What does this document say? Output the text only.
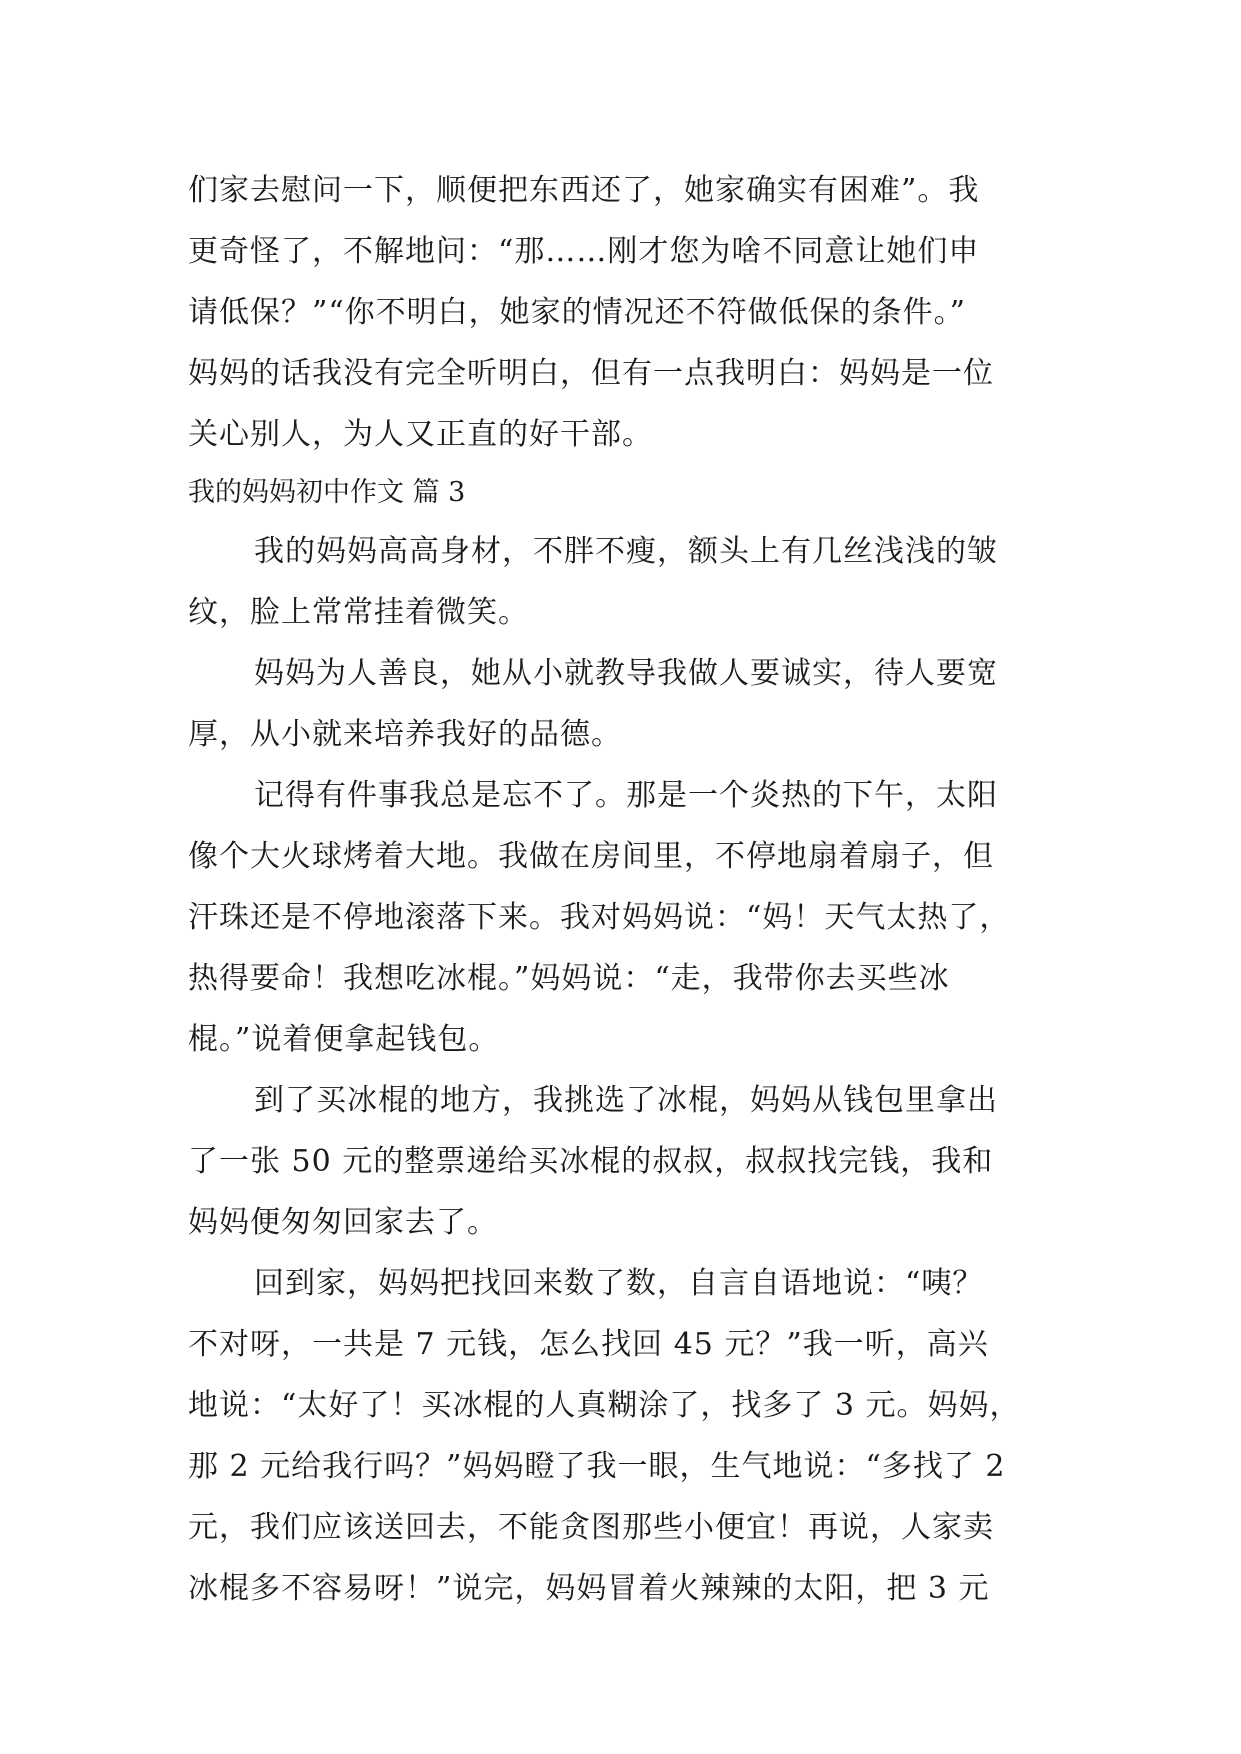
们家去慰问一下，顺便把东西还了，她家确实有困难”。我
更奇怪了，不解地问：“那……刚才您为啥不同意让她们申
请低保？”“你不明白，她家的情况还不符做低保的条件。”
妈妈的话我没有完全听明白，但有一点我明白：妈妈是一位
关心别人，为人又正直的好干部。
我的妈妈初中作文 篇 3
我的妈妈高高身材，不胖不瘦，额头上有几丝浅浅的皱
纹，脸上常常挂着微笑。
妈妈为人善良，她从小就教导我做人要诚实，待人要宽
厚，从小就来培养我好的品德。
记得有件事我总是忘不了。那是一个炎热的下午，太阳
像个大火球烤着大地。我做在房间里，不停地扇着扇子，但
汗珠还是不停地滚落下来。我对妈妈说：“妈！天气太热了，
热得要命！我想吃冰棍。”妈妈说：“走，我带你去买些冰
棍。”说着便拿起钱包。
到了买冰棍的地方，我挑选了冰棍，妈妈从钱包里拿出
了一张 50 元的整票递给买冰棍的叔叔，叔叔找完钱，我和
妈妈便匆匆回家去了。
回到家，妈妈把找回来数了数，自言自语地说：“咦？
不对呀，一共是 7 元钱，怎么找回 45 元？”我一听，高兴
地说：“太好了！买冰棍的人真糊涂了，找多了 3 元。妈妈，
那 2 元给我行吗？”妈妈瞪了我一眼，生气地说：“多找了 2
元，我们应该送回去，不能贪图那些小便宜！再说，人家卖
冰棍多不容易呀！”说完，妈妈冒着火辣辣的太阳，把 3 元
